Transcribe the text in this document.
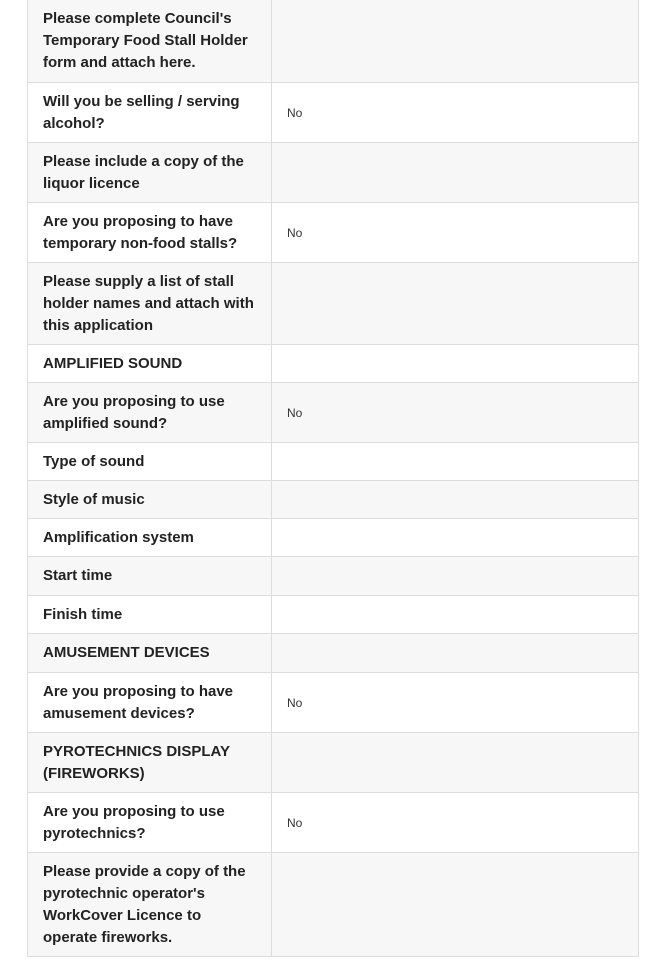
Please complete Council's Temporary Food Stall Holder form and attach here.
Will you be selling / serving alcohol?
No
Please include a copy of the liquor licence
Are you proposing to have temporary non-food stalls?
No
Please supply a list of stall holder names and attach with this application
AMPLIFIED SOUND
Are you proposing to use amplified sound?
No
Type of sound
Style of music
Amplification system
Start time
Finish time
AMUSEMENT DEVICES
Are you proposing to have amusement devices?
No
PYROTECHNICS DISPLAY (FIREWORKS)
Are you proposing to use pyrotechnics?
No
Please provide a copy of the pyrotechnic operator's WorkCover Licence to operate fireworks.
